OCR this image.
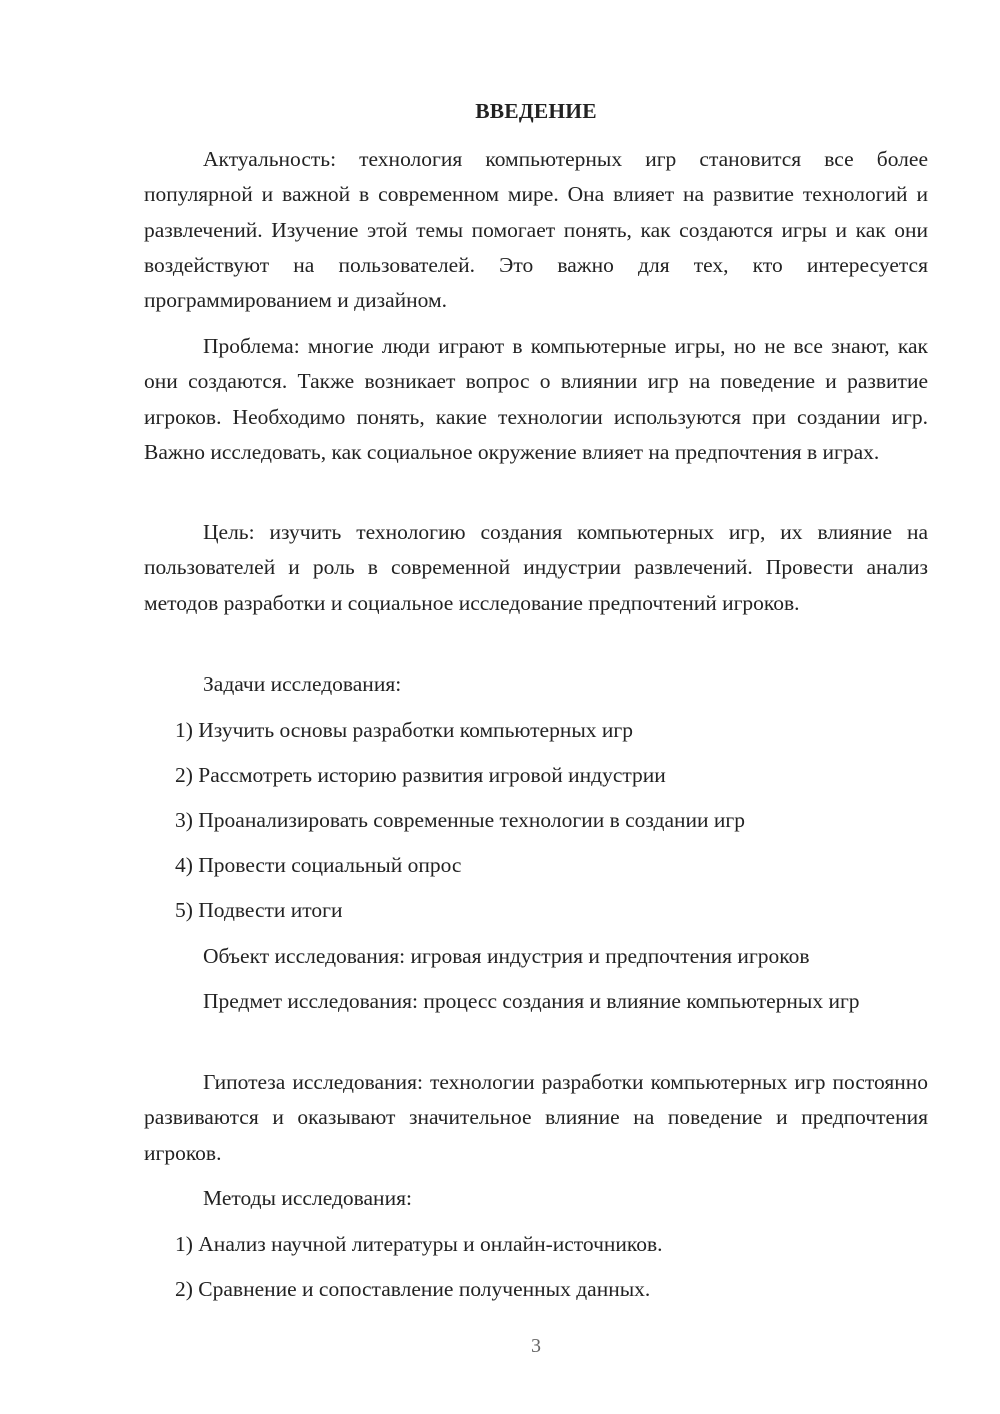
ВВЕДЕНИЕ

Актуальность: технология компьютерных игр становится все более популярной и важной в современном мире. Она влияет на развитие технологий и развлечений. Изучение этой темы помогает понять, как создаются игры и как они воздействуют на пользователей. Это важно для тех, кто интересуется программированием и дизайном.

Проблема: многие люди играют в компьютерные игры, но не все знают, как они создаются. Также возникает вопрос о влиянии игр на поведение и развитие игроков. Необходимо понять, какие технологии используются при создании игр. Важно исследовать, как социальное окружение влияет на предпочтения в играх.

Цель: изучить технологию создания компьютерных игр, их влияние на пользователей и роль в современной индустрии развлечений. Провести анализ методов разработки и социальное исследование предпочтений игроков.

Задачи исследования:

1) Изучить основы разработки компьютерных игр

2) Рассмотреть историю развития игровой индустрии

3) Проанализировать современные технологии в создании игр

4) Провести социальный опрос

5) Подвести итоги

Объект исследования: игровая индустрия и предпочтения игроков

Предмет исследования: процесс создания и влияние компьютерных игр

Гипотеза исследования: технологии разработки компьютерных игр постоянно развиваются и оказывают значительное влияние на поведение и предпочтения игроков.

Методы исследования:

1) Анализ научной литературы и онлайн-источников.

2) Сравнение и сопоставление полученных данных.

3
